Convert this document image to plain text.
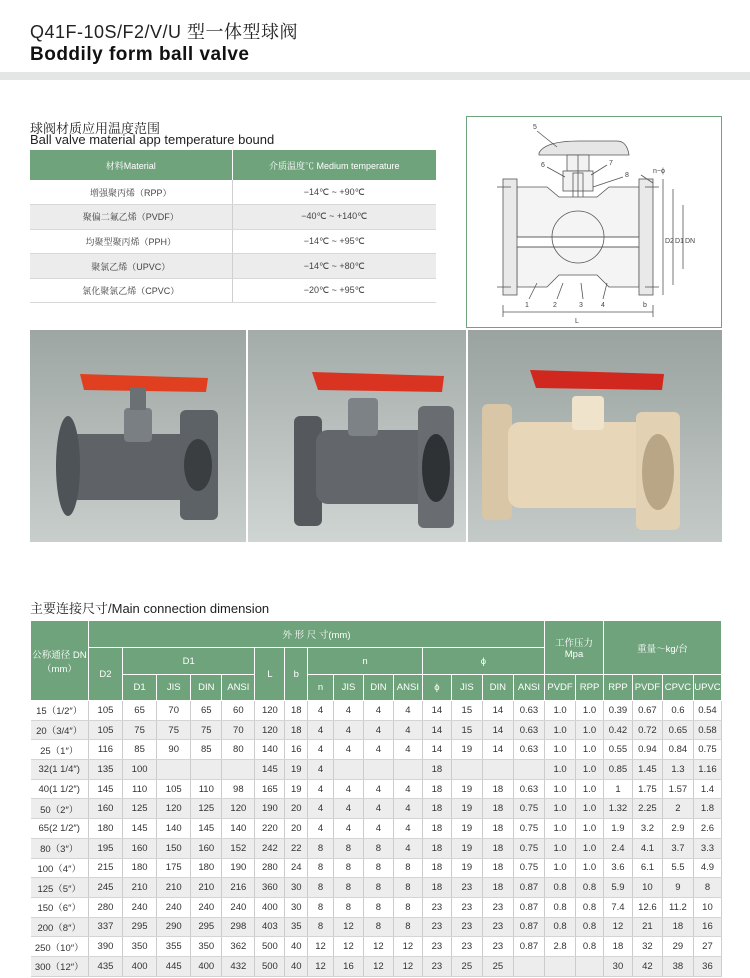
Q41F-10S/F2/V/U 型一体型球阀
Boddily form ball valve
球阀材质应用温度范围
Ball valve material app temperature bound
材料Material	介质温度℃ Medium temperature
增强聚丙烯（RPP）	−14℃ ~ +90℃
聚偏二氟乙烯（PVDF）	−40℃ ~ +140℃
均聚型聚丙烯（PPH）	−14℃ ~ +95℃
聚氯乙烯（UPVC）	−14℃ ~ +80℃
氯化聚氯乙烯（CPVC）	−20℃ ~ +95℃
5
6	7
8
1	2	3	4
n−ϕ
D2 D1 DN
L
b
主要连接尺寸/Main connection dimension
公称通径 DN（mm）	外 形 尺 寸(mm)															工作压力 Mpa		重量～kg/台			
	D2	D1				L	b	n				ϕ									
		D1	JIS	DIN	ANSI			n	JIS	DIN	ANSI	ϕ	JIS	DIN	ANSI	PVDF	RPP	RPP	PVDF	CPVC	UPVC
15（1/2″）	105	65	70	65	60	120	18	4	4	4	4	14	15	14	0.63	1.0	1.0	0.39	0.67	0.6	0.54
20（3/4″）	105	75	75	75	70	120	18	4	4	4	4	14	15	14	0.63	1.0	1.0	0.42	0.72	0.65	0.58
25（1″）	116	85	90	85	80	140	16	4	4	4	4	14	19	14	0.63	1.0	1.0	0.55	0.94	0.84	0.75
32(1 1/4″)	135	100				145	19	4				18				1.0	1.0	0.85	1.45	1.3	1.16
40(1 1/2″)	145	110	105	110	98	165	19	4	4	4	4	18	19	18	0.63	1.0	1.0	1	1.75	1.57	1.4
50（2″）	160	125	120	125	120	190	20	4	4	4	4	18	19	18	0.75	1.0	1.0	1.32	2.25	2	1.8
65(2 1/2″)	180	145	140	145	140	220	20	4	4	4	4	18	19	18	0.75	1.0	1.0	1.9	3.2	2.9	2.6
80（3″）	195	160	150	160	152	242	22	8	8	8	4	18	19	18	0.75	1.0	1.0	2.4	4.1	3.7	3.3
100（4″）	215	180	175	180	190	280	24	8	8	8	8	18	19	18	0.75	1.0	1.0	3.6	6.1	5.5	4.9
125（5″）	245	210	210	210	216	360	30	8	8	8	8	18	23	18	0.87	0.8	0.8	5.9	10	9	8
150（6″）	280	240	240	240	240	400	30	8	8	8	8	23	23	23	0.87	0.8	0.8	7.4	12.6	11.2	10
200（8″）	337	295	290	295	298	403	35	8	12	8	8	23	23	23	0.87	0.8	0.8	12	21	18	16
250（10″）	390	350	355	350	362	500	40	12	12	12	12	23	23	23	0.87	2.8	0.8	18	32	29	27
300（12″）	435	400	445	400	432	500	40	12	16	12	12	23	25	25				30	42	38	36
